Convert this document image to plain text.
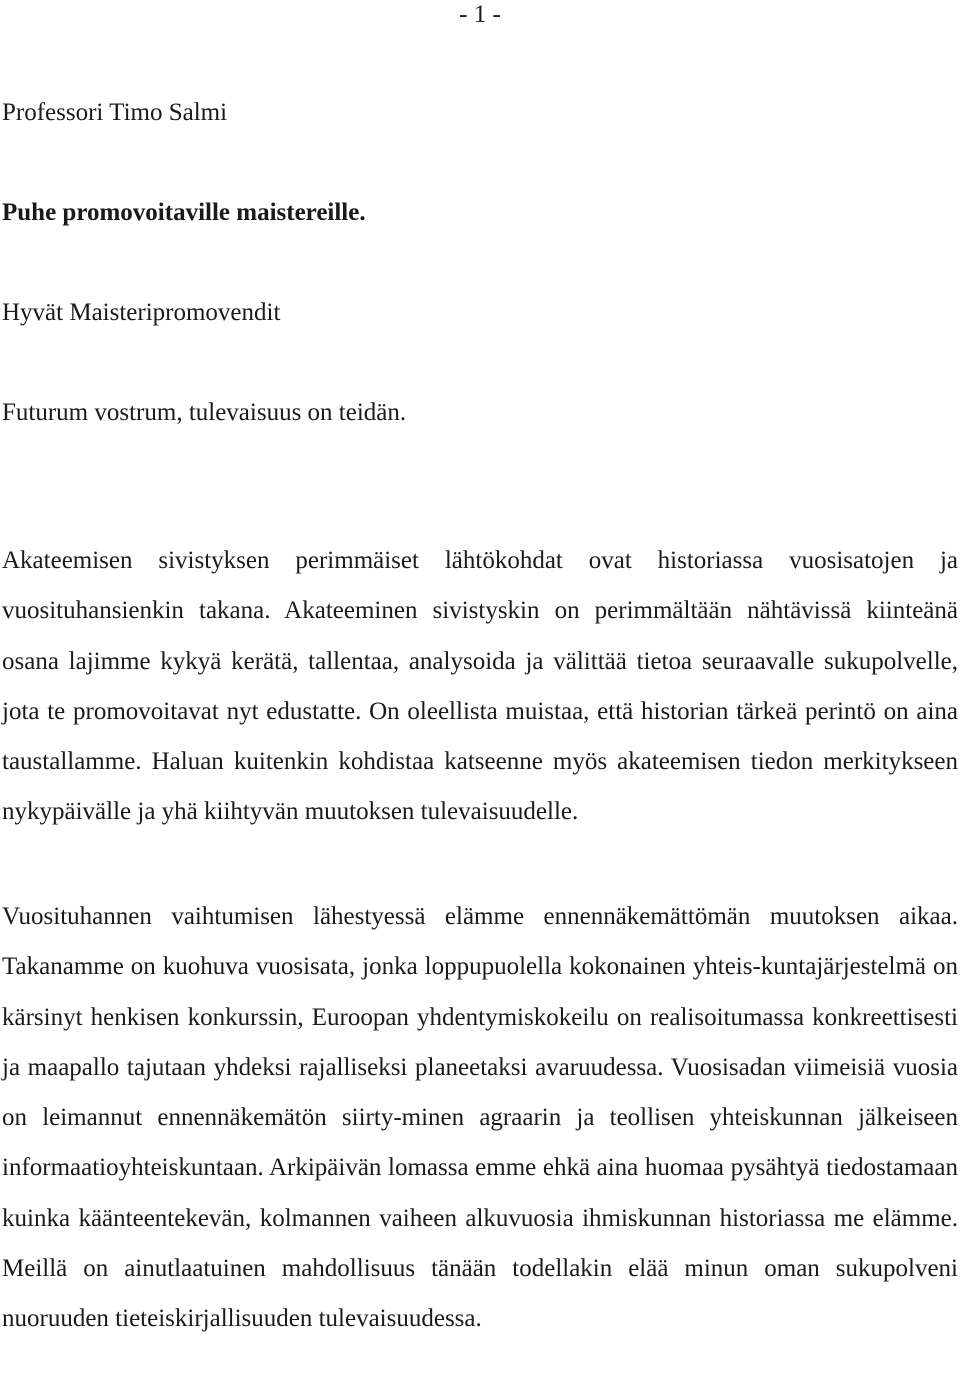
- 1 -
Professori Timo Salmi
Puhe promovoitaville maistereille.
Hyvät Maisteripromovendit
Futurum vostrum, tulevaisuus on teidän.
Akateemisen sivistyksen perimmäiset lähtökohdat ovat historiassa vuosisatojen ja vuosituhansienkin takana. Akateeminen sivistyskin on perimmältään nähtävissä kiinteänä osana lajimme kykyä kerätä, tallentaa, analysoida ja välittää tietoa seuraavalle sukupolvelle, jota te promovoitavat nyt edustatte. On oleellista muistaa, että historian tärkeä perintö on aina taustallamme. Haluan kuitenkin kohdistaa katseenne myös akateemisen tiedon merkitykseen nykypäivälle ja yhä kiihtyvän muutoksen tulevaisuudelle.
Vuosituhannen vaihtumisen lähestyessä elämme ennennäkemättömän muutoksen aikaa. Takanamme on kuohuva vuosisata, jonka loppupuolella kokonainen yhteis-kuntajärjestelmä on kärsinyt henkisen konkurssin, Euroopan yhdentymiskokeilu on realisoitumassa konkreettisesti ja maapallo tajutaan yhdeksi rajalliseksi planeetaksi avaruudessa. Vuosisadan viimeisiä vuosia on leimannut ennennäkemätön siirty-minen agraarin ja teollisen yhteiskunnan jälkeiseen informaatioyhteiskuntaan. Arkipäivän lomassa emme ehkä aina huomaa pysähtyä tiedostamaan kuinka käänteentekevän, kolmannen vaiheen alkuvuosia ihmiskunnan historiassa me elämme. Meillä on ainutlaatuinen mahdollisuus tänään todellakin elää minun oman sukupolveni nuoruuden tieteiskirjallisuuden tulevaisuudessa.
